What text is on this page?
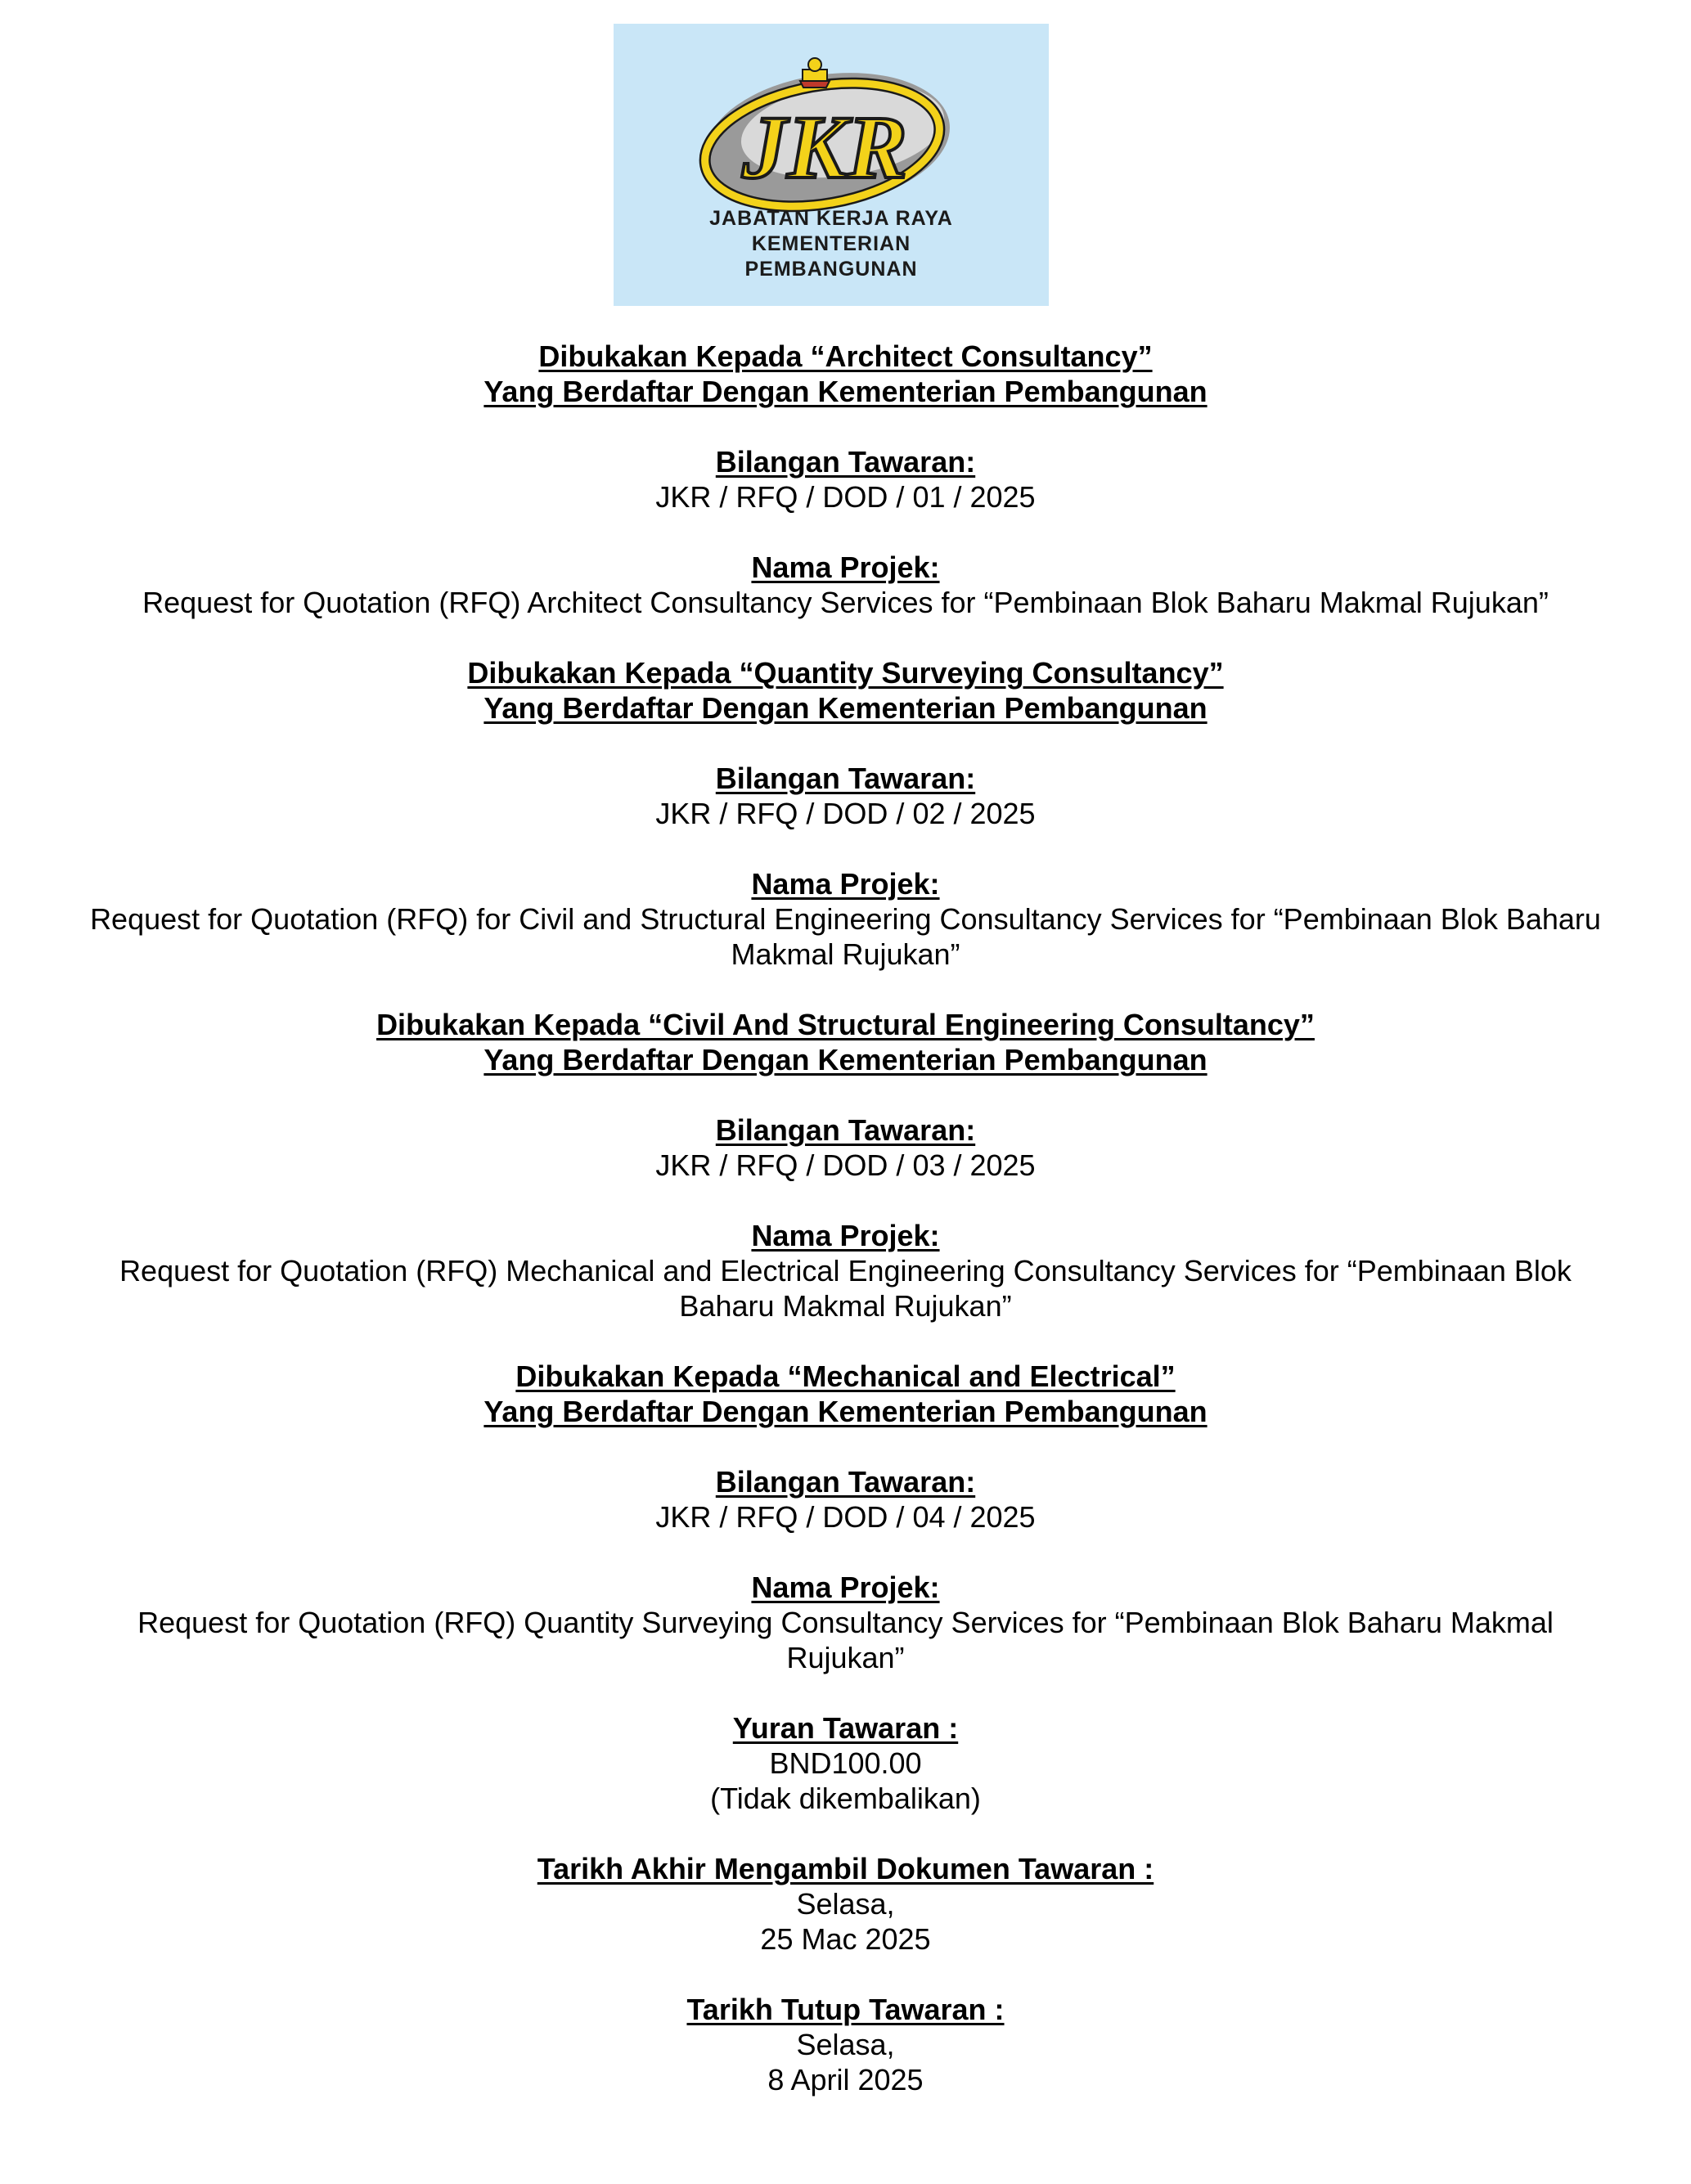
JKR
JABATAN KERJA RAYA
KEMENTERIAN
PEMBANGUNAN
Dibukakan Kepada “Architect Consultancy”
Yang Berdaftar Dengan Kementerian Pembangunan
Bilangan Tawaran:
JKR / RFQ / DOD / 01 / 2025
Nama Projek:
Request for Quotation (RFQ) Architect Consultancy Services for “Pembinaan Blok Baharu Makmal Rujukan”
Dibukakan Kepada “Quantity Surveying Consultancy”
Yang Berdaftar Dengan Kementerian Pembangunan
Bilangan Tawaran:
JKR / RFQ / DOD / 02 / 2025
Nama Projek:
Request for Quotation (RFQ) for Civil and Structural Engineering Consultancy Services for “Pembinaan Blok Baharu Makmal Rujukan”
Dibukakan Kepada “Civil And Structural Engineering Consultancy”
Yang Berdaftar Dengan Kementerian Pembangunan
Bilangan Tawaran:
JKR / RFQ / DOD / 03 / 2025
Nama Projek:
Request for Quotation (RFQ) Mechanical and Electrical Engineering Consultancy Services for “Pembinaan Blok Baharu Makmal Rujukan”
Dibukakan Kepada “Mechanical and Electrical”
Yang Berdaftar Dengan Kementerian Pembangunan
Bilangan Tawaran:
JKR / RFQ / DOD / 04 / 2025
Nama Projek:
Request for Quotation (RFQ) Quantity Surveying Consultancy Services for “Pembinaan Blok Baharu Makmal Rujukan”
Yuran Tawaran :
BND100.00
(Tidak dikembalikan)
Tarikh Akhir Mengambil Dokumen Tawaran :
Selasa,
25 Mac 2025
Tarikh Tutup Tawaran :
Selasa,
8 April 2025
